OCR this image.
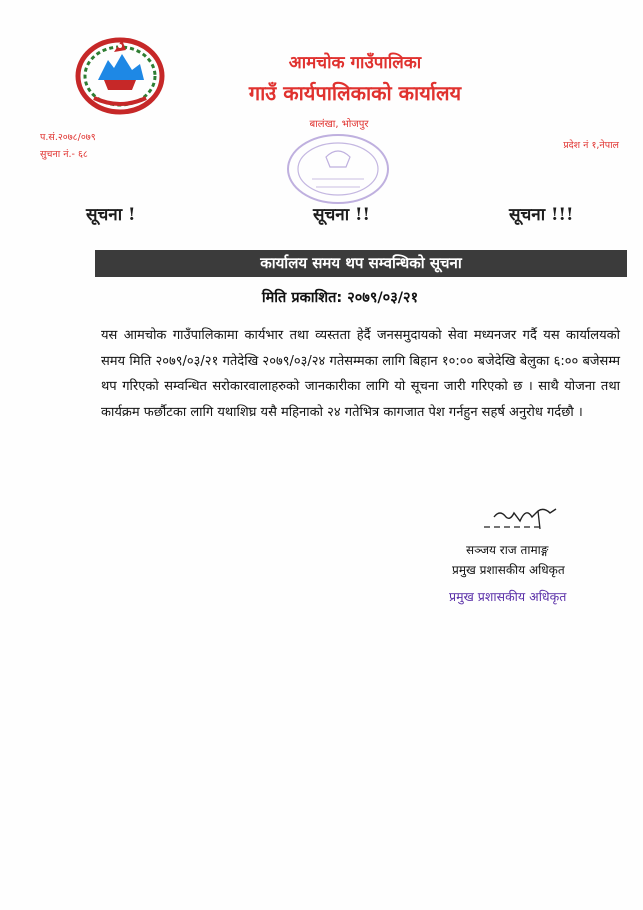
आमचोक गाउँपालिका
गाउँ कार्यपालिकाको कार्यालय
बालंखा, भोजपुर
प.सं.२०७८/०७९
सुचना नं.- ६८
प्रदेश नं १,नेपाल
सूचना !	सूचना !!	सूचना !!!
कार्यालय समय थप सम्वन्धिको सूचना
मिति प्रकाशित: २०७९/०३/२१
यस आमचोक गाउँपालिकामा कार्यभार तथा व्यस्तता हेर्दै जनसमुदायको सेवा मध्यनजर गर्दै यस कार्यालयको समय मिति २०७९/०३/२१ गतेदेखि २०७९/०३/२४ गतेसम्मका लागि बिहान १०:०० बजेदेखि बेलुका ६:०० बजेसम्म थप गरिएको सम्वन्धित सरोकारवालाहरुको जानकारीका लागि यो सूचना जारी गरिएको छ । साथै योजना तथा कार्यक्रम फर्छौटका लागि यथाशिघ्र यसै महिनाको २४ गतेभित्र कागजात पेश गर्नहुन सहर्ष अनुरोध गर्दछौ ।
सञ्जय राज तामाङ्ग
प्रमुख प्रशासकीय अधिकृत
प्रमुख प्रशासकीय अधिकृत
